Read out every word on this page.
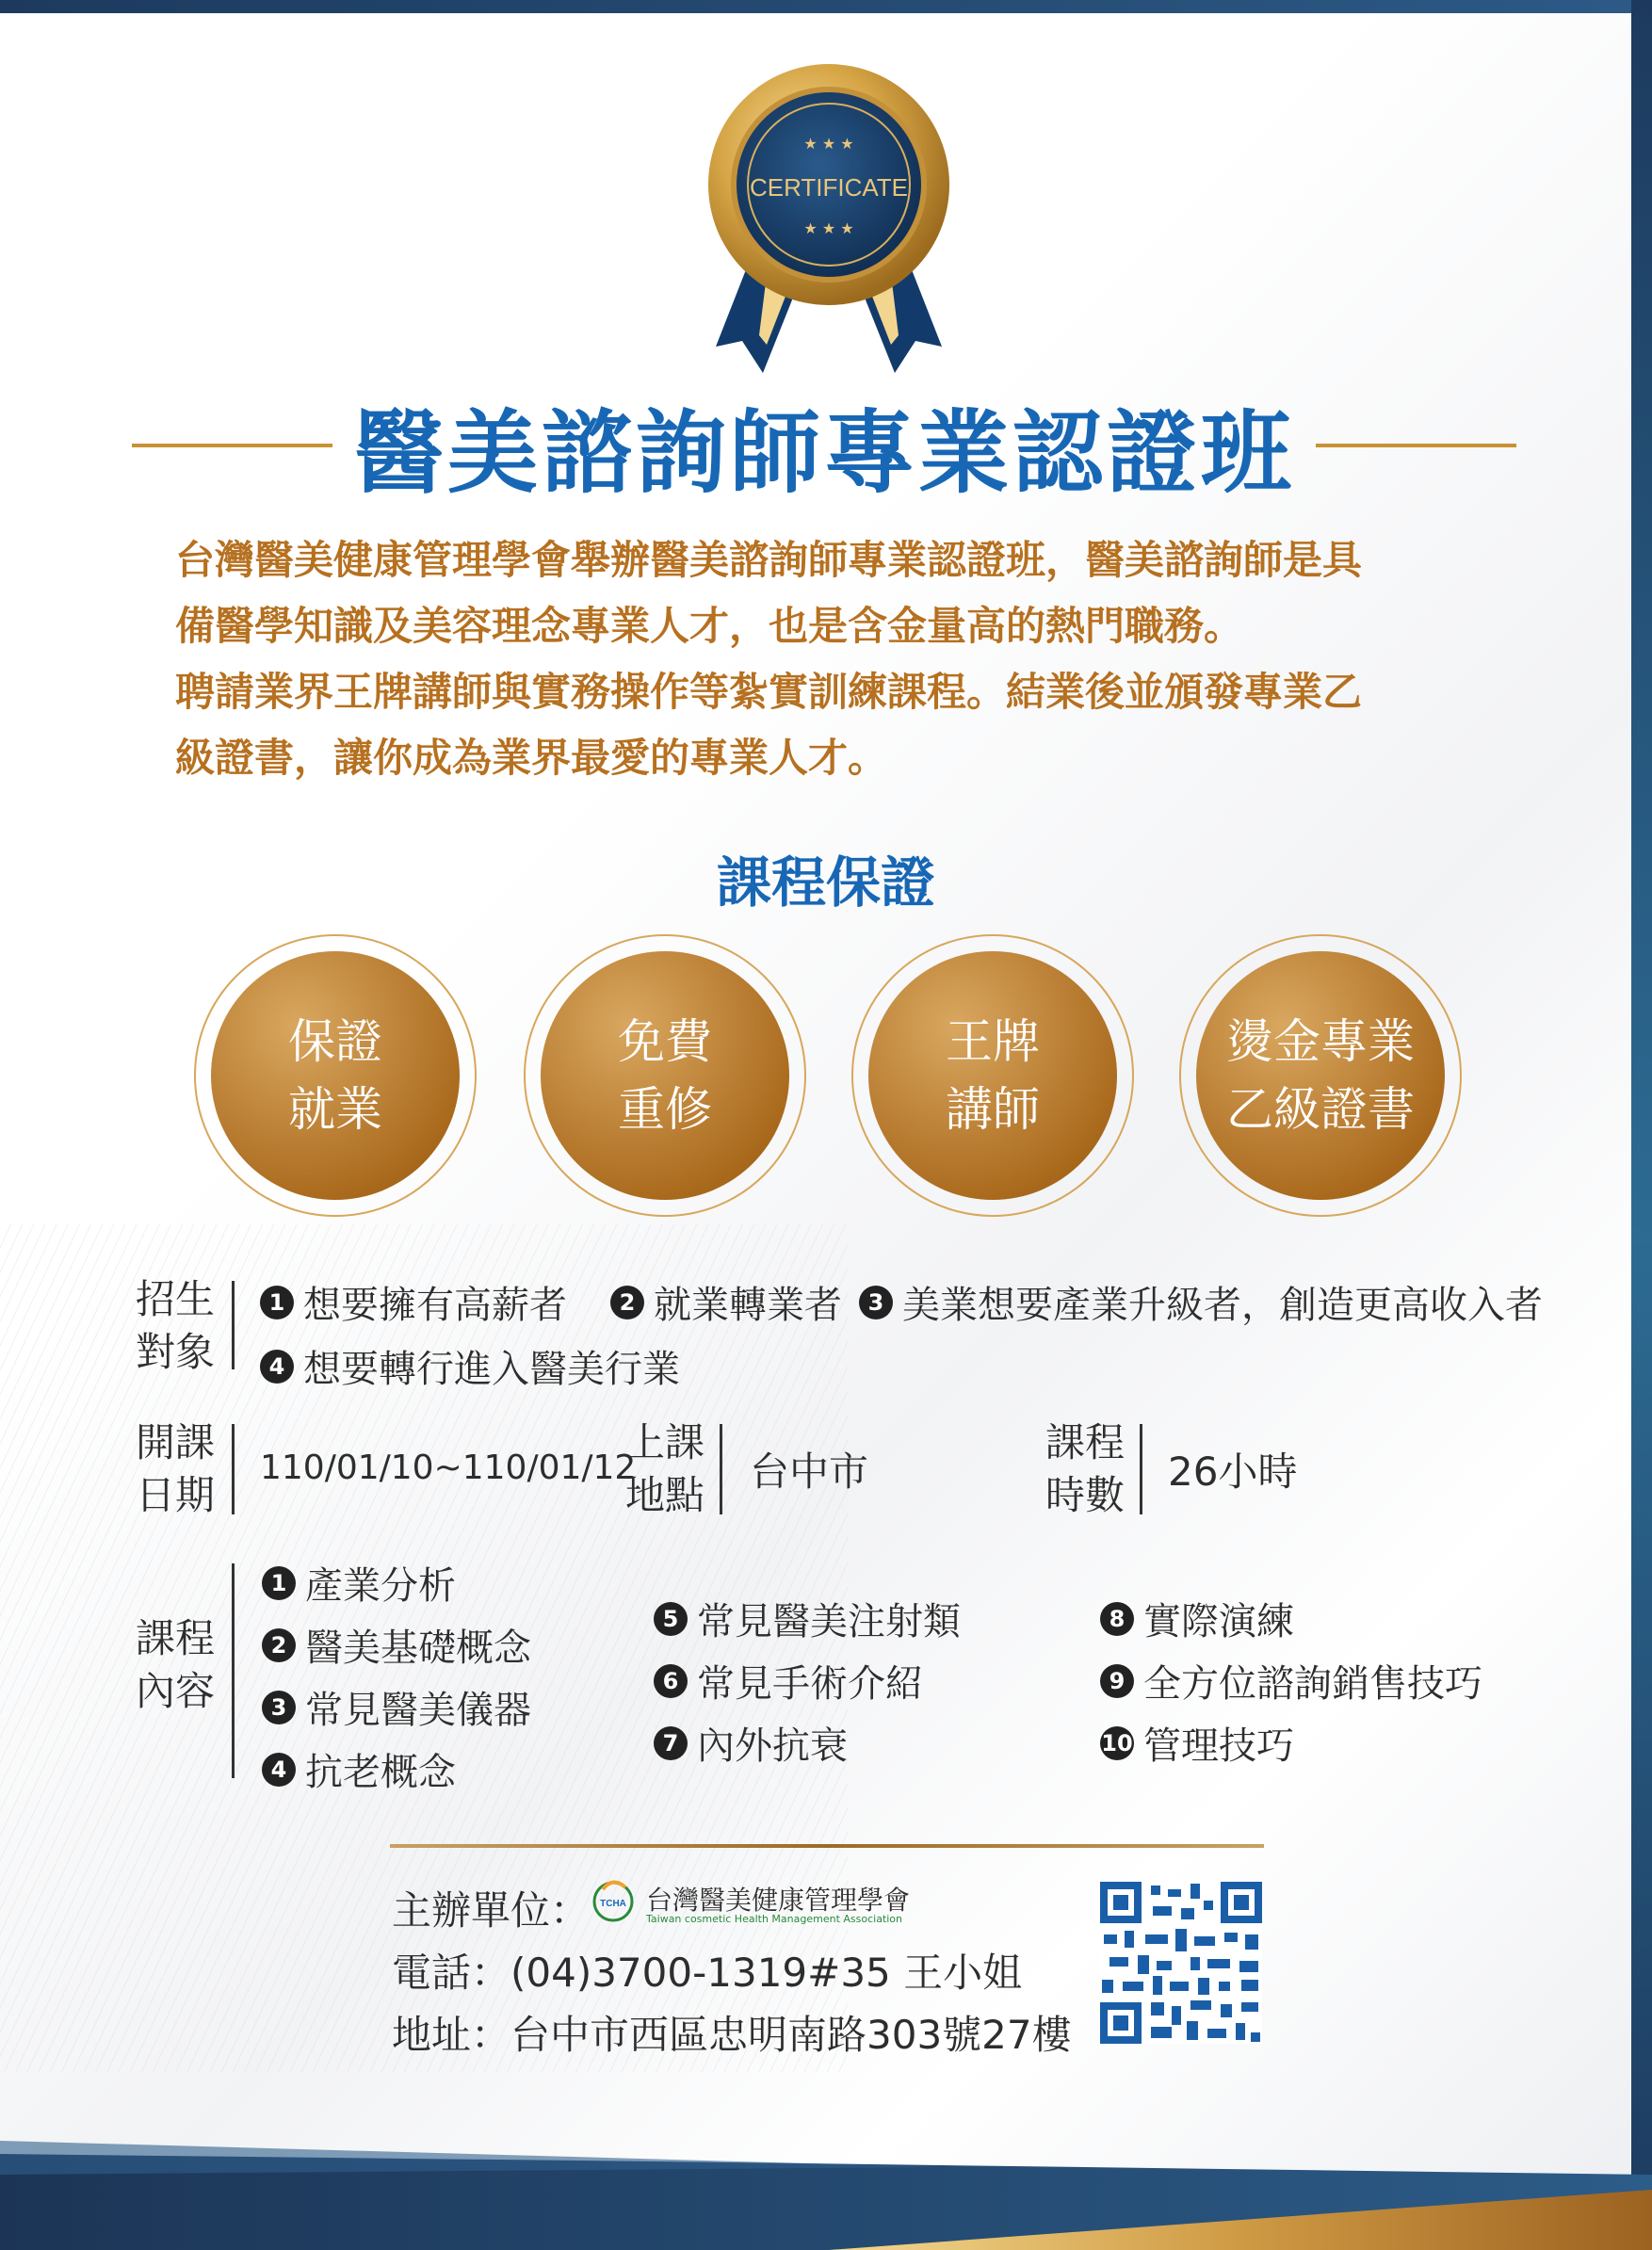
CERTIFICATE
★ ★ ★
★ ★ ★
醫美諮詢師專業認證班

台灣醫美健康管理學會舉辦醫美諮詢師專業認證班，醫美諮詢師是具

備醫學知識及美容理念專業人才，也是含金量高的熱門職務。

聘請業界王牌講師與實務操作等紮實訓練課程。結業後並頒發專業乙

級證書，讓你成為業界最愛的專業人才。

課程保證
保證
就業
免費
重修
王牌
講師
燙金專業
乙級證書
招生
對象
1 想要擁有高薪者	2 就業轉業者	3 美業想要產業升級者，創造更高收入者
4 想要轉行進入醫美行業
開課
日期
110/01/10~110/01/12
上課
地點
台中市
課程
時數
26小時
課程
內容
1 產業分析
2 醫美基礎概念
3 常見醫美儀器
4 抗老概念
5 常見醫美注射類
6 常見手術介紹
7 內外抗衰
8 實際演練
9 全方位諮詢銷售技巧
10 管理技巧
主辦單位： TCHA 台灣醫美健康管理學會
Taiwan cosmetic Health Management Association
電話：(04)3700-1319#35 王小姐
地址：台中市西區忠明南路303號27樓
